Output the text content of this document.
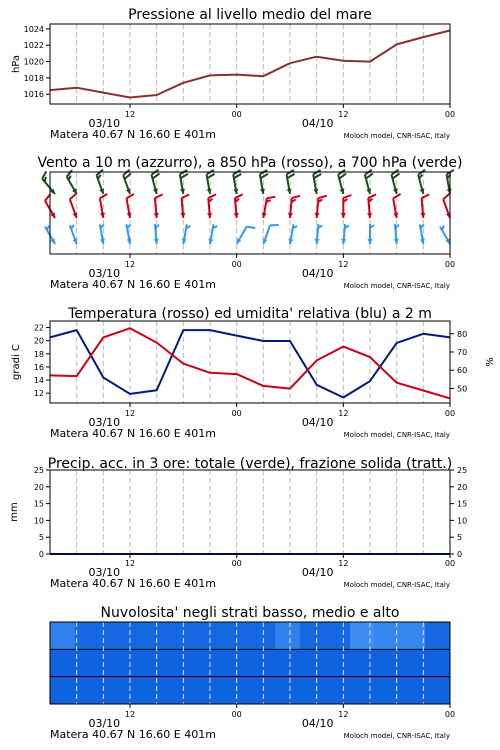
Pressione al livello medio del mare
1016
1018
1020
1022
1024
hPa
12	00	12	00
03/10	04/10
Matera 40.67 N 16.60 E 401m	Moloch model, CNR-ISAC, Italy
Vento a 10 m (azzurro), a 850 hPa (rosso), a 700 hPa (verde)
12	00	12	00
03/10	04/10
Matera 40.67 N 16.60 E 401m	Moloch model, CNR-ISAC, Italy
Temperatura (rosso) ed umidita' relativa (blu) a 2 m
12
14
16
18
20
22
50
60
70
80
gradi C	%
12	00	12	00
03/10	04/10
Matera 40.67 N 16.60 E 401m	Moloch model, CNR-ISAC, Italy
Precip. acc. in 3 ore: totale (verde), frazione solida (tratt.)
0
5
10
15
20
25
0
5
10
15
20
25
mm
12	00	12	00
03/10	04/10
Matera 40.67 N 16.60 E 401m	Moloch model, CNR-ISAC, Italy
Nuvolosita' negli strati basso, medio e alto
12	00	12	00
03/10	04/10
Matera 40.67 N 16.60 E 401m	Moloch model, CNR-ISAC, Italy
